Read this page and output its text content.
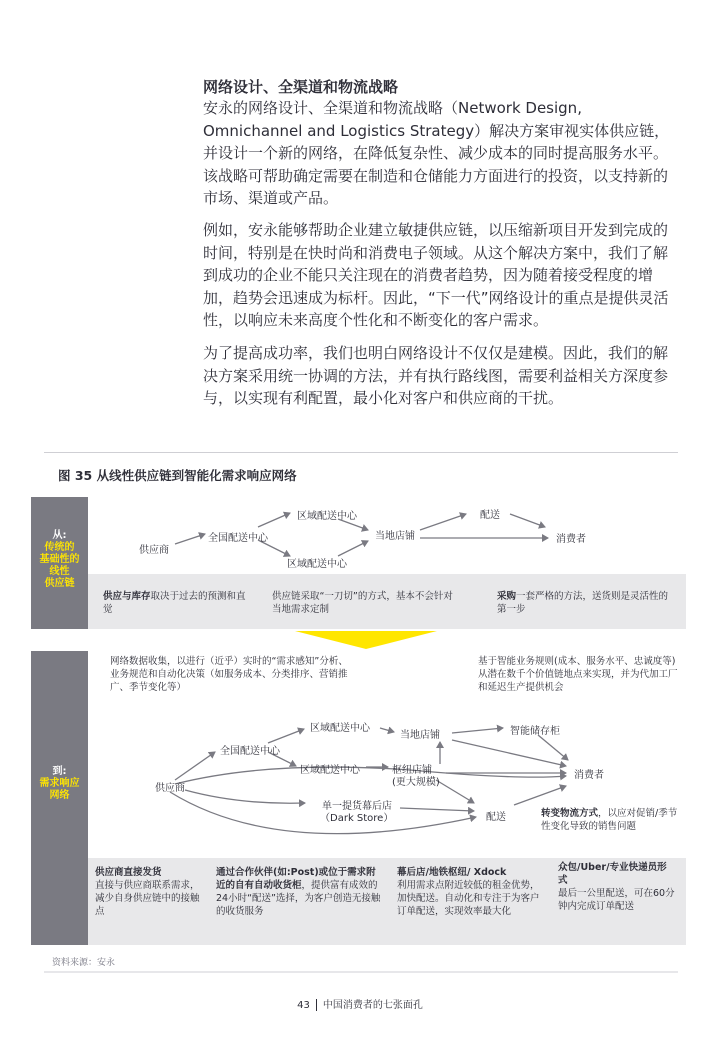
网络设计、全渠道和物流战略

安永的网络设计、全渠道和物流战略（Network Design, Omnichannel and Logistics Strategy）解决方案审视实体供应链，并设计一个新的网络，在降低复杂性、减少成本的同时提高服务水平。该战略可帮助确定需要在制造和仓储能力方面进行的投资，以支持新的市场、渠道或产品。

例如，安永能够帮助企业建立敏捷供应链，以压缩新项目开发到完成的时间，特别是在快时尚和消费电子领域。从这个解决方案中，我们了解到成功的企业不能只关注现在的消费者趋势，因为随着接受程度的增加，趋势会迅速成为标杆。因此，“下一代”网络设计的重点是提供灵活性，以响应未来高度个性化和不断变化的客户需求。

为了提高成功率，我们也明白网络设计不仅仅是建模。因此，我们的解决方案采用统一协调的方法，并有执行路线图，需要利益相关方深度参与，以实现有利配置，最小化对客户和供应商的干扰。

图 35 从线性供应链到智能化需求响应网络
从:
传统的
基础性的
线性
供应链
到:
需求响应
网络
供应商
全国配送中心
区域配送中心
区域配送中心
当地店铺
配送
消费者
供应与库存取决于过去的预测和直觉
供应链采取“一刀切”的方式，基本不会针对当地需求定制
采购一套严格的方法，送货则是灵活性的第一步
网络数据收集，以进行（近乎）实时的“需求感知”分析、业务规范和自动化决策（如服务成本、分类排序、营销推广、季节变化等）
基于智能业务规则(成本、服务水平、忠诚度等)从潜在数千个价值链地点来实现，并为代加工厂和延迟生产提供机会
供应商
全国配送中心
区域配送中心
区域配送中心
当地店铺
枢纽店铺
(更大规模)
智能储存柜
消费者
单一提货幕后店
（Dark Store）	配送	转变物流方式，以应对促销/季节性变化导致的销售问题
供应商直接发货
直接与供应商联系需求，减少自身供应链中的接触点
通过合作伙伴(如:Post)或位于需求附近的自有自动收货柜，提供富有成效的24小时“配送”选择，为客户创造无接触的收货服务
幕后店/地铁枢纽/ Xdock
利用需求点附近较低的租金优势，加快配送。自动化和专注于为客户订单配送，实现效率最大化
众包/Uber/专业快递员形式
最后一公里配送，可在60分钟内完成订单配送
资料来源：安永
43 中国消费者的七张面孔
